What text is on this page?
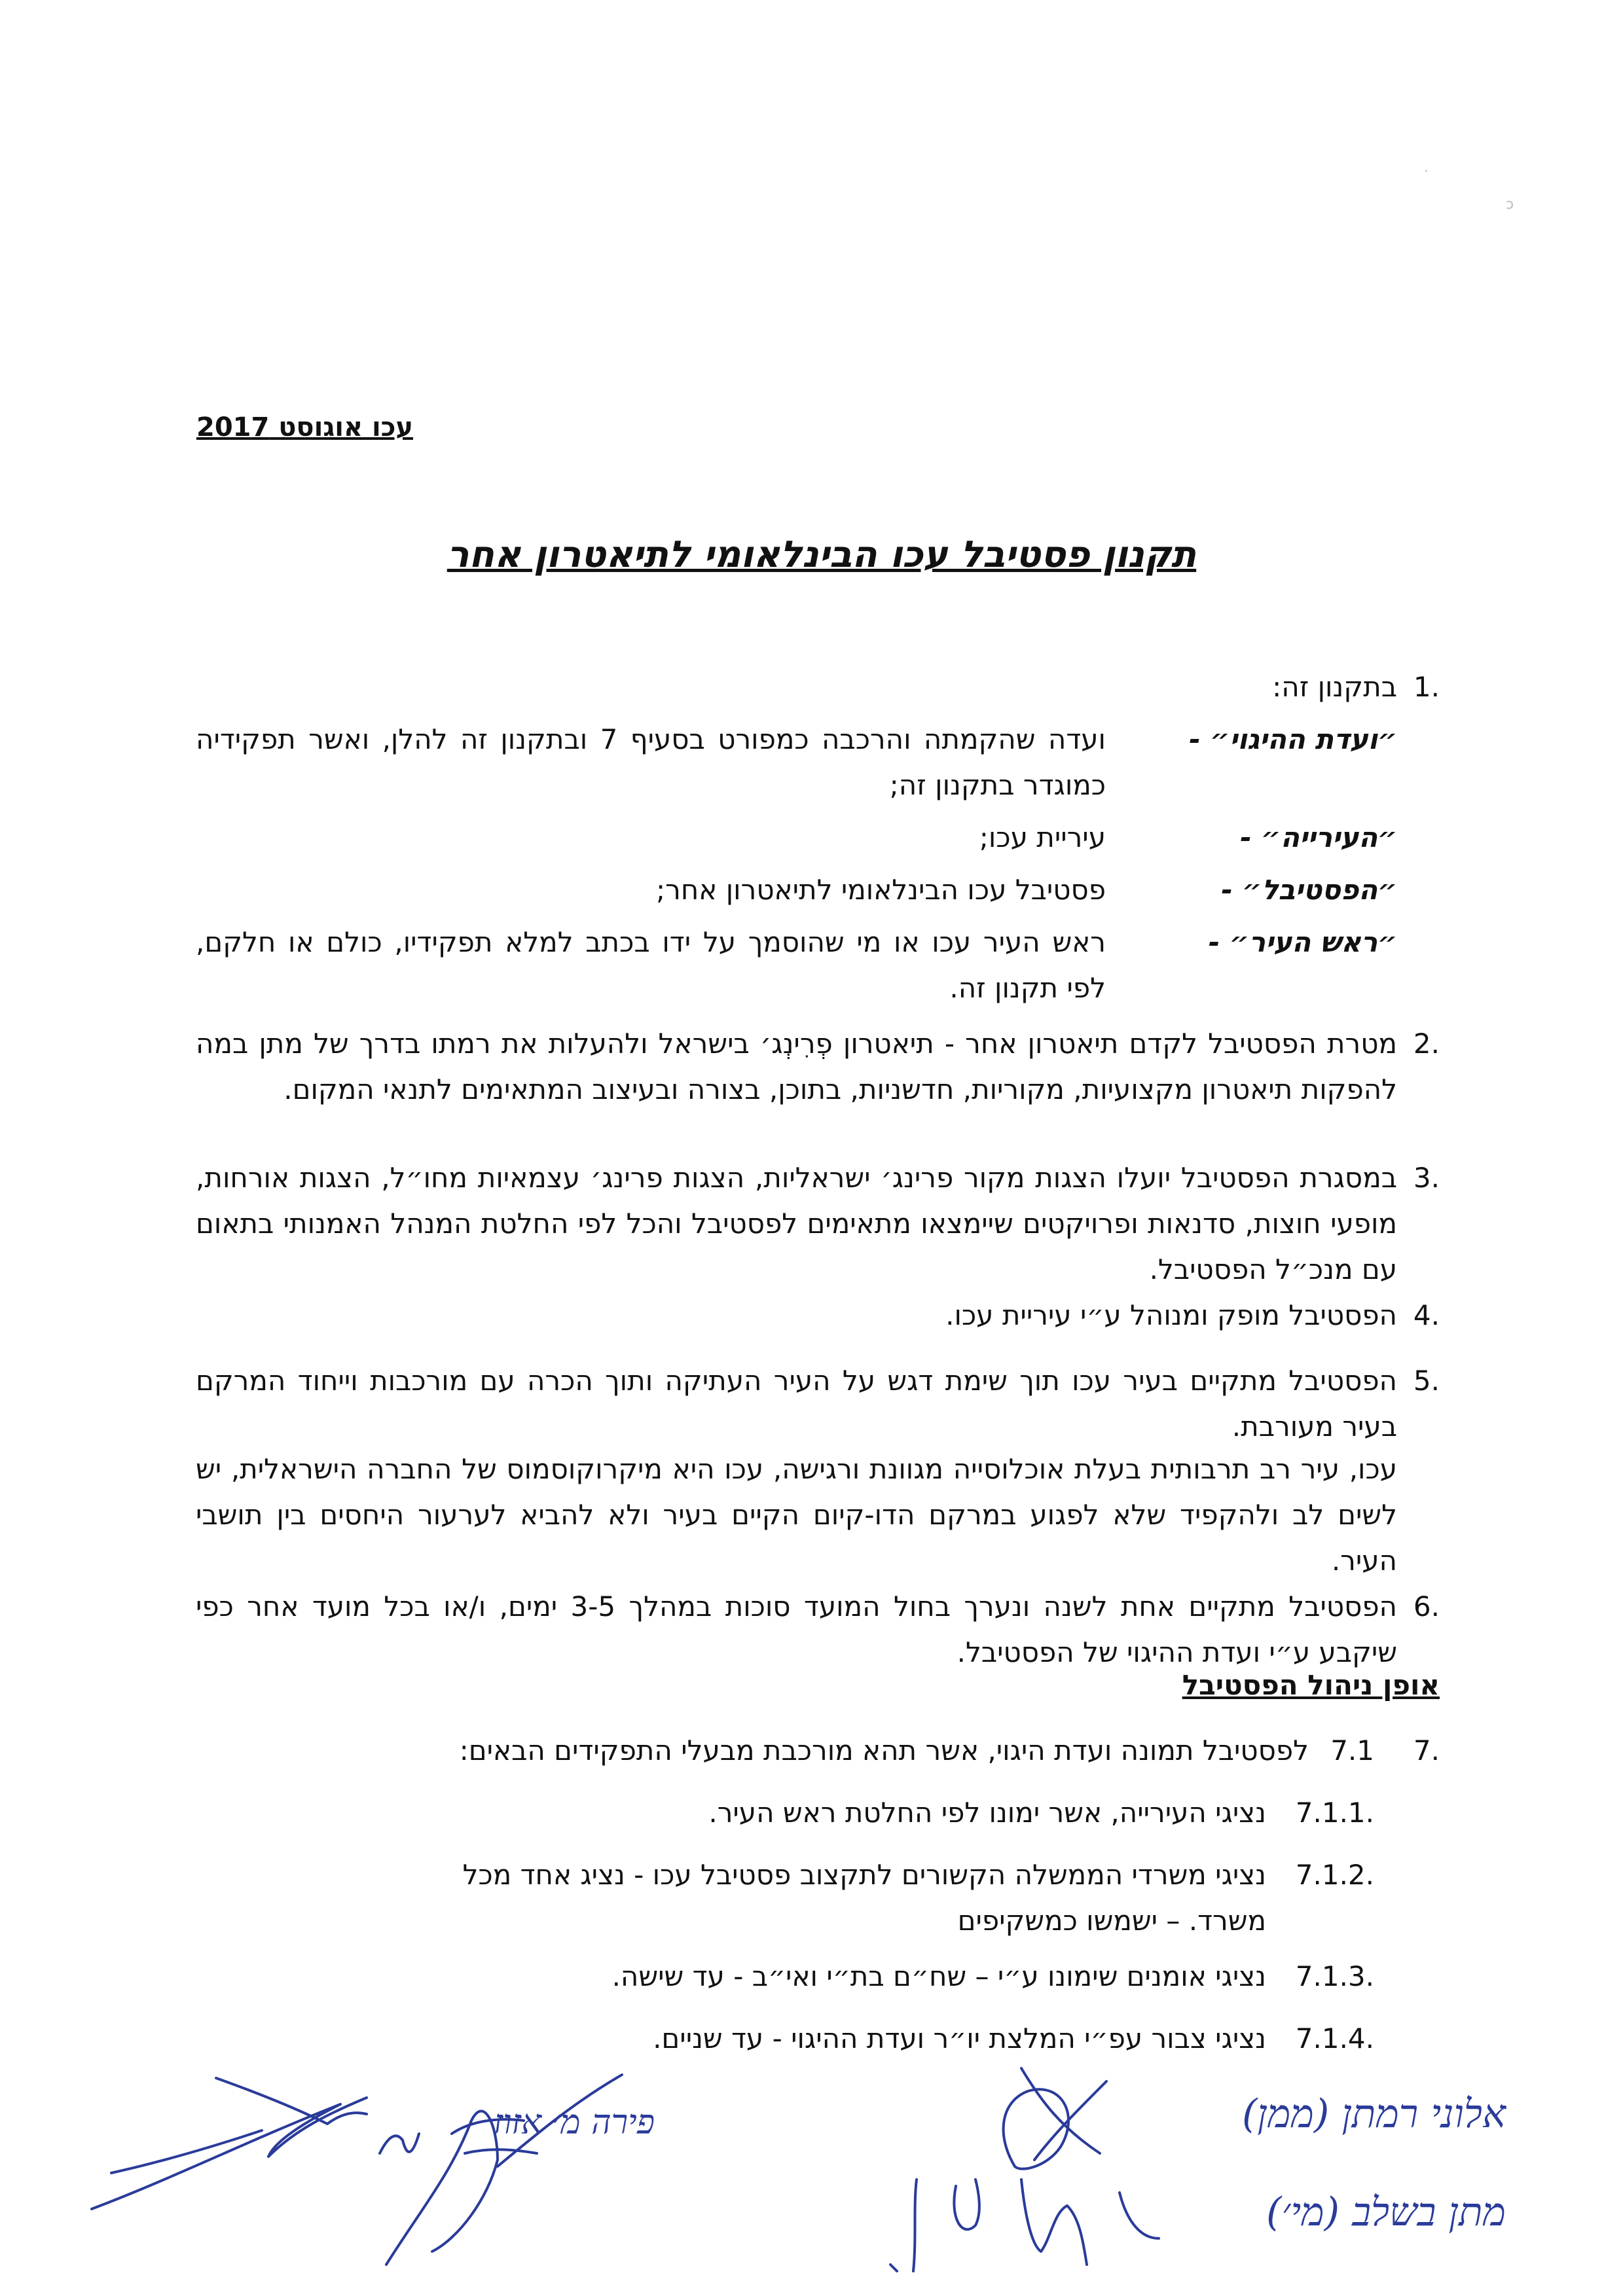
·
ↄ
עכו אוגוסט 2017
תקנון פסטיבל עכו הבינלאומי לתיאטרון אחר
1.
בתקנון זה:
״ועדת ההיגוי״ -
ועדה שהקמתה והרכבה כמפורט בסעיף 7 ובתקנון זה להלן, ואשר תפקידיה כמוגדר בתקנון זה;
״העירייה״ -
עיריית עכו;
״הפסטיבל״ -
פסטיבל עכו הבינלאומי לתיאטרון אחר;
״ראש העיר״ -
ראש העיר עכו או מי שהוסמך על ידו בכתב למלא תפקידיו, כולם או חלקם, לפי תקנון זה.
2.
מטרת הפסטיבל לקדם תיאטרון אחר - תיאטרון פְרִינְג׳ בישראל ולהעלות את רמתו בדרך של מתן במה להפקות תיאטרון מקצועיות, מקוריות, חדשניות, בתוכן, בצורה ובעיצוב המתאימים לתנאי המקום.
3.
במסגרת הפסטיבל יועלו הצגות מקור פרינג׳ ישראליות, הצגות פרינג׳ עצמאיות מחו״ל, הצגות אורחות, מופעי חוצות, סדנאות ופרויקטים שיימצאו מתאימים לפסטיבל והכל לפי החלטת המנהל האמנותי בתאום עם מנכ״ל הפסטיבל.
4.
הפסטיבל מופק ומנוהל ע״י עיריית עכו.
5.
הפסטיבל מתקיים בעיר עכו תוך שימת דגש על העיר העתיקה ותוך הכרה עם מורכבות וייחוד המרקם בעיר מעורבת.
עכו, עיר רב תרבותית בעלת אוכלוסייה מגוונת ורגישה, עכו היא מיקרוקוסמוס של החברה הישראלית, יש לשים לב ולהקפיד שלא לפגוע במרקם הדו-קיום הקיים בעיר ולא להביא לערעור היחסים בין תושבי העיר.
6.
הפסטיבל מתקיים אחת לשנה ונערך בחול המועד סוכות במהלך 3-5 ימים, ו/או בכל מועד אחר כפי שיקבע ע״י ועדת ההיגוי של הפסטיבל.
אופן ניהול הפסטיבל
7.
7.1
לפסטיבל תמונה ועדת היגוי, אשר תהא מורכבת מבעלי התפקידים הבאים:
7.1.1.
נציגי העירייה, אשר ימונו לפי החלטת ראש העיר.
7.1.2.
נציגי משרדי הממשלה הקשורים לתקצוב פסטיבל עכו - נציג אחד מכל משרד. – ישמשו כמשקיפים
7.1.3.
נציגי אומנים שימונו ע״י – שח״ם בת״י ואי״ב - עד שישה.
7.1.4.
נציגי צבור עפ״י המלצת יו״ר ועדת ההיגוי - עד שניים.
פירה מ׳ אזוז	אלוני רמתן (ממן)
מתן בשלב (מי׳)
